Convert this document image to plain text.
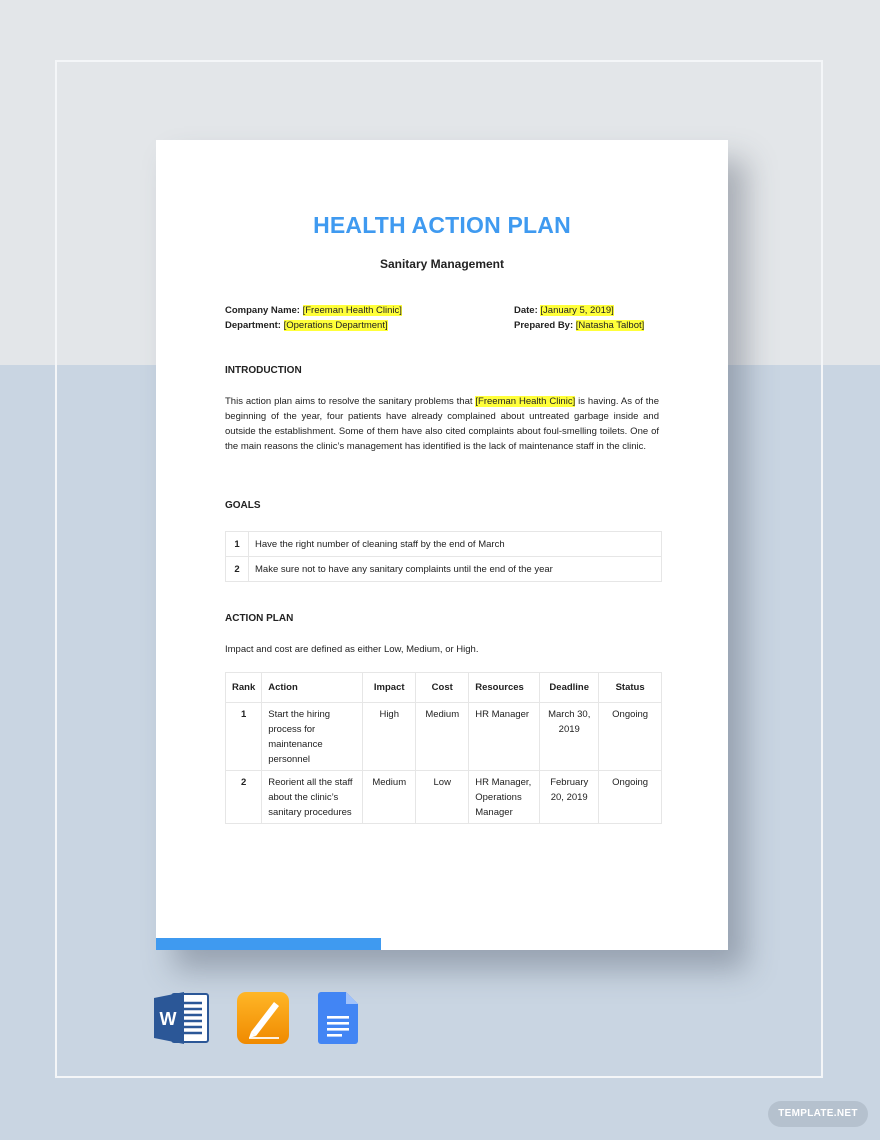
HEALTH ACTION PLAN
Sanitary Management
Company Name: [Freeman Health Clinic]
Department: [Operations Department]
Date: [January 5, 2019]
Prepared By: [Natasha Talbot]
INTRODUCTION
This action plan aims to resolve the sanitary problems that [Freeman Health Clinic] is having. As of the beginning of the year, four patients have already complained about untreated garbage inside and outside the establishment. Some of them have also cited complaints about foul-smelling toilets. One of the main reasons the clinic’s management has identified is the lack of maintenance staff in the clinic.
GOALS
1	Have the right number of cleaning staff by the end of March
2	Make sure not to have any sanitary complaints until the end of the year
ACTION PLAN
Impact and cost are defined as either Low, Medium, or High.
Rank	Action	Impact	Cost	Resources	Deadline	Status
1	Start the hiring process for maintenance personnel	High	Medium	HR Manager	March 30, 2019	Ongoing
2	Reorient all the staff about the clinic’s sanitary procedures	Medium	Low	HR Manager, Operations Manager	February 20, 2019	Ongoing
W
TEMPLATE.NET
